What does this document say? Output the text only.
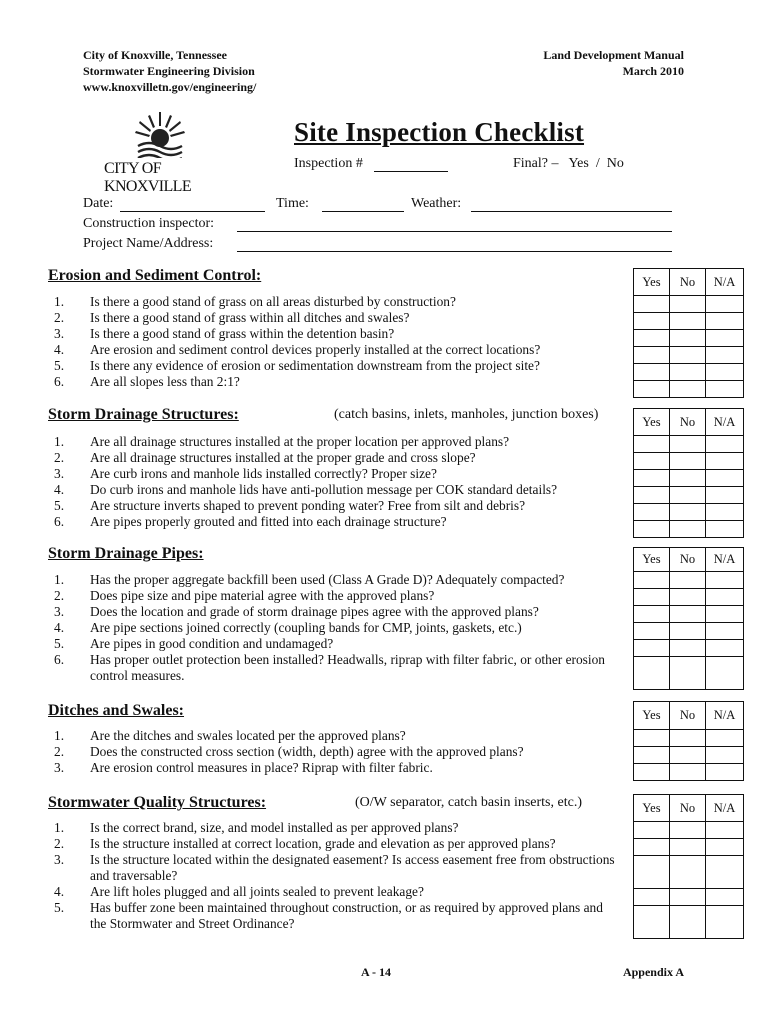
City of Knoxville, Tennessee
Stormwater Engineering Division
www.knoxvilletn.gov/engineering/
Land Development Manual
March 2010
CITY OF KNOXVILLE
Site Inspection Checklist
Inspection #	Final? –   Yes  /  No
Date:	Time:	Weather:
Construction inspector:
Project Name/Address:
Erosion and Sediment Control:	Yes	No	N/A

1.	Is there a good stand of grass on all areas disturbed by construction?
2.	Is there a good stand of grass within all ditches and swales?
3.	Is there a good stand of grass within the detention basin?
4.	Are erosion and sediment control devices properly installed at the correct locations?
5.	Is there any evidence of erosion or sedimentation downstream from the project site?
6.	Are all slopes less than 2:1?
Storm Drainage Structures:	(catch basins, inlets, manholes, junction boxes)	Yes	No	N/A

1.	Are all drainage structures installed at the proper location per approved plans?
2.	Are all drainage structures installed at the proper grade and cross slope?
3.	Are curb irons and manhole lids installed correctly? Proper size?
4.	Do curb irons and manhole lids have anti-pollution message per COK standard details?
5.	Are structure inverts shaped to prevent ponding water? Free from silt and debris?
6.	Are pipes properly grouted and fitted into each drainage structure?
Storm Drainage Pipes:	Yes	No	N/A

1.	Has the proper aggregate backfill been used (Class A Grade D)? Adequately compacted?
2.	Does pipe size and pipe material agree with the approved plans?
3.	Does the location and grade of storm drainage pipes agree with the approved plans?
4.	Are pipe sections joined correctly (coupling bands for CMP, joints, gaskets, etc.)
5.	Are pipes in good condition and undamaged?
6.	Has proper outlet protection been installed? Headwalls, riprap with filter fabric, or other erosion control measures.
Ditches and Swales:	Yes	No	N/A

1.	Are the ditches and swales located per the approved plans?
2.	Does the constructed cross section (width, depth) agree with the approved plans?
3.	Are erosion control measures in place? Riprap with filter fabric.
Stormwater Quality Structures:	(O/W separator, catch basin inserts, etc.)	Yes	No	N/A

1.	Is the correct brand, size, and model installed as per approved plans?
2.	Is the structure installed at correct location, grade and elevation as per approved plans?
3.	Is the structure located within the designated easement? Is access easement free from obstructions and traversable?
4.	Are lift holes plugged and all joints sealed to prevent leakage?
5.	Has buffer zone been maintained throughout construction, or as required by approved plans and the Stormwater and Street Ordinance?
A - 14	Appendix A
